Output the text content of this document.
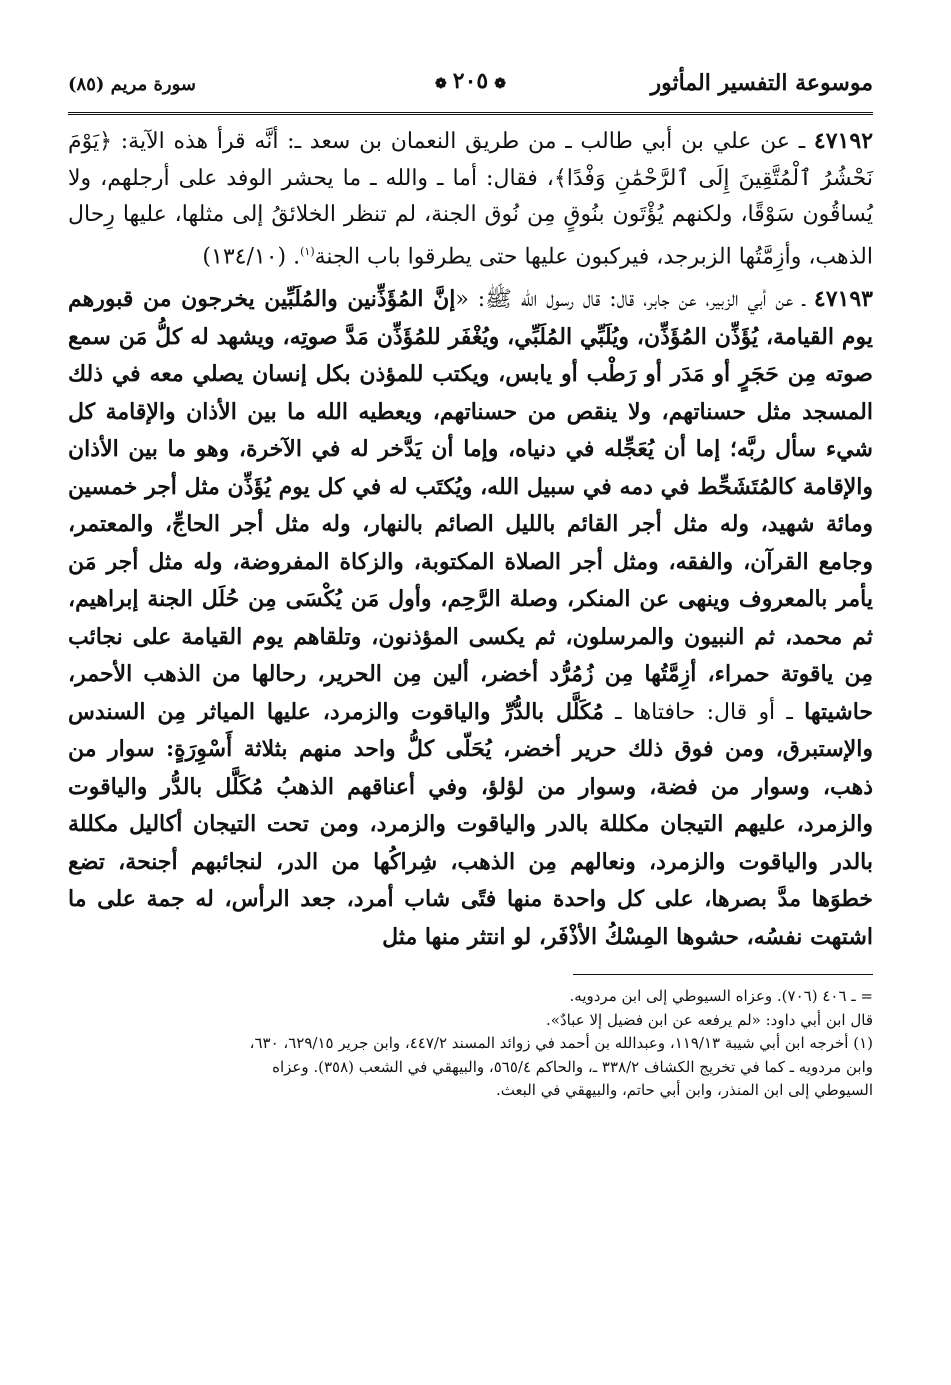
موسوعة التفسير المأثور
❁٢٠٥❁
سورة مريم (٨٥)

٤٧١٩٢ ـ عن علي بن أبي طالب ـ من طريق النعمان بن سعد ـ: أنَّه قرأ هذه الآية: ﴿يَوْمَ نَحْشُرُ ٱلْمُتَّقِينَ إِلَى ٱلرَّحْمَٰنِ وَفْدًا﴾، فقال: أما ـ والله ـ ما يحشر الوفد على أرجلهم، ولا يُساقُون سَوْقًا، ولكنهم يُؤْتَون بنُوقٍ مِن نُوق الجنة، لم تنظر الخلائقُ إلى مثلها، عليها رِحال الذهب، وأزِمَّتُها الزبرجد، فيركبون عليها حتى يطرقوا باب الجنة$^{(١)}$. (١٣٤/١٠)

٤٧١٩٣ ـ عن أبي الزبير، عن جابر، قال: قال رسول الله ﷺ: «إنَّ المُؤَذِّنين والمُلَبِّين يخرجون من قبورهم يوم القيامة، يُؤَذِّن المُؤَذِّن، ويُلَبِّي المُلَبِّي، ويُغْفَر للمُؤَذِّن مَدَّ صوتِه، ويشهد له كلُّ مَن سمع صوته مِن حَجَرٍ أو مَدَر أو رَطْب أو يابس، ويكتب للمؤذن بكل إنسان يصلي معه في ذلك المسجد مثل حسناتهم، ولا ينقص من حسناتهم، ويعطيه الله ما بين الأذان والإقامة كل شيء سأل ربَّه؛ إما أن يُعَجِّله في دنياه، وإما أن يَدَّخر له في الآخرة، وهو ما بين الأذان والإقامة كالمُتَشَحِّط في دمه في سبيل الله، ويُكتَب له في كل يوم يُؤَذِّن مثل أجر خمسين ومائة شهيد، وله مثل أجر القائم بالليل الصائم بالنهار، وله مثل أجر الحاجِّ، والمعتمر، وجامع القرآن، والفقه، ومثل أجر الصلاة المكتوبة، والزكاة المفروضة، وله مثل أجر مَن يأمر بالمعروف وينهى عن المنكر، وصلة الرَّحِم، وأول مَن يُكْسَى مِن حُلَل الجنة إبراهيم، ثم محمد، ثم النبيون والمرسلون، ثم يكسى المؤذنون، وتلقاهم يوم القيامة على نجائب مِن ياقوتة حمراء، أزِمَّتُها مِن زُمُرُّد أخضر، ألين مِن الحرير، رحالها من الذهب الأحمر، حاشيتها ـ أو قال: حافتاها ـ مُكَلَّل بالدُّرِّ والياقوت والزمرد، عليها المياثر مِن السندس والإستبرق، ومن فوق ذلك حرير أخضر، يُحَلّى كلُّ واحد منهم بثلاثة أَسْوِرَةٍ: سوار من ذهب، وسوار من فضة، وسوار من لؤلؤ، وفي أعناقهم الذهبُ مُكَلَّل بالدُّر والياقوت والزمرد، عليهم التيجان مكللة بالدر والياقوت والزمرد، ومن تحت التيجان أكاليل مكللة بالدر والياقوت والزمرد، ونعالهم مِن الذهب، شِراكُها من الدر، لنجائبهم أجنحة، تضع خطوَها مدَّ بصرها، على كل واحدة منها فتًى شاب أمرد، جعد الرأس، له جمة على ما اشتهت نفسُه، حشوها المِسْكُ الأذْفَر، لو انتثر منها مثل

= ـ ٤٠٦ (٧٠٦). وعزاه السيوطي إلى ابن مردويه.

قال ابن أبي داود: «لم يرفعه عن ابن فضيل إلا عبادٌ».

(١) أخرجه ابن أبي شيبة ١١٩/١٣، وعبدالله بن أحمد في زوائد المسند ٤٤٧/٢، وابن جرير ٦٢٩/١٥، ٦٣٠،

وابن مردويه ـ كما في تخريج الكشاف ٣٣٨/٢ ـ، والحاكم ٥٦٥/٤، والبيهقي في الشعب (٣٥٨). وعزاه

السيوطي إلى ابن المنذر، وابن أبي حاتم، والبيهقي في البعث.
